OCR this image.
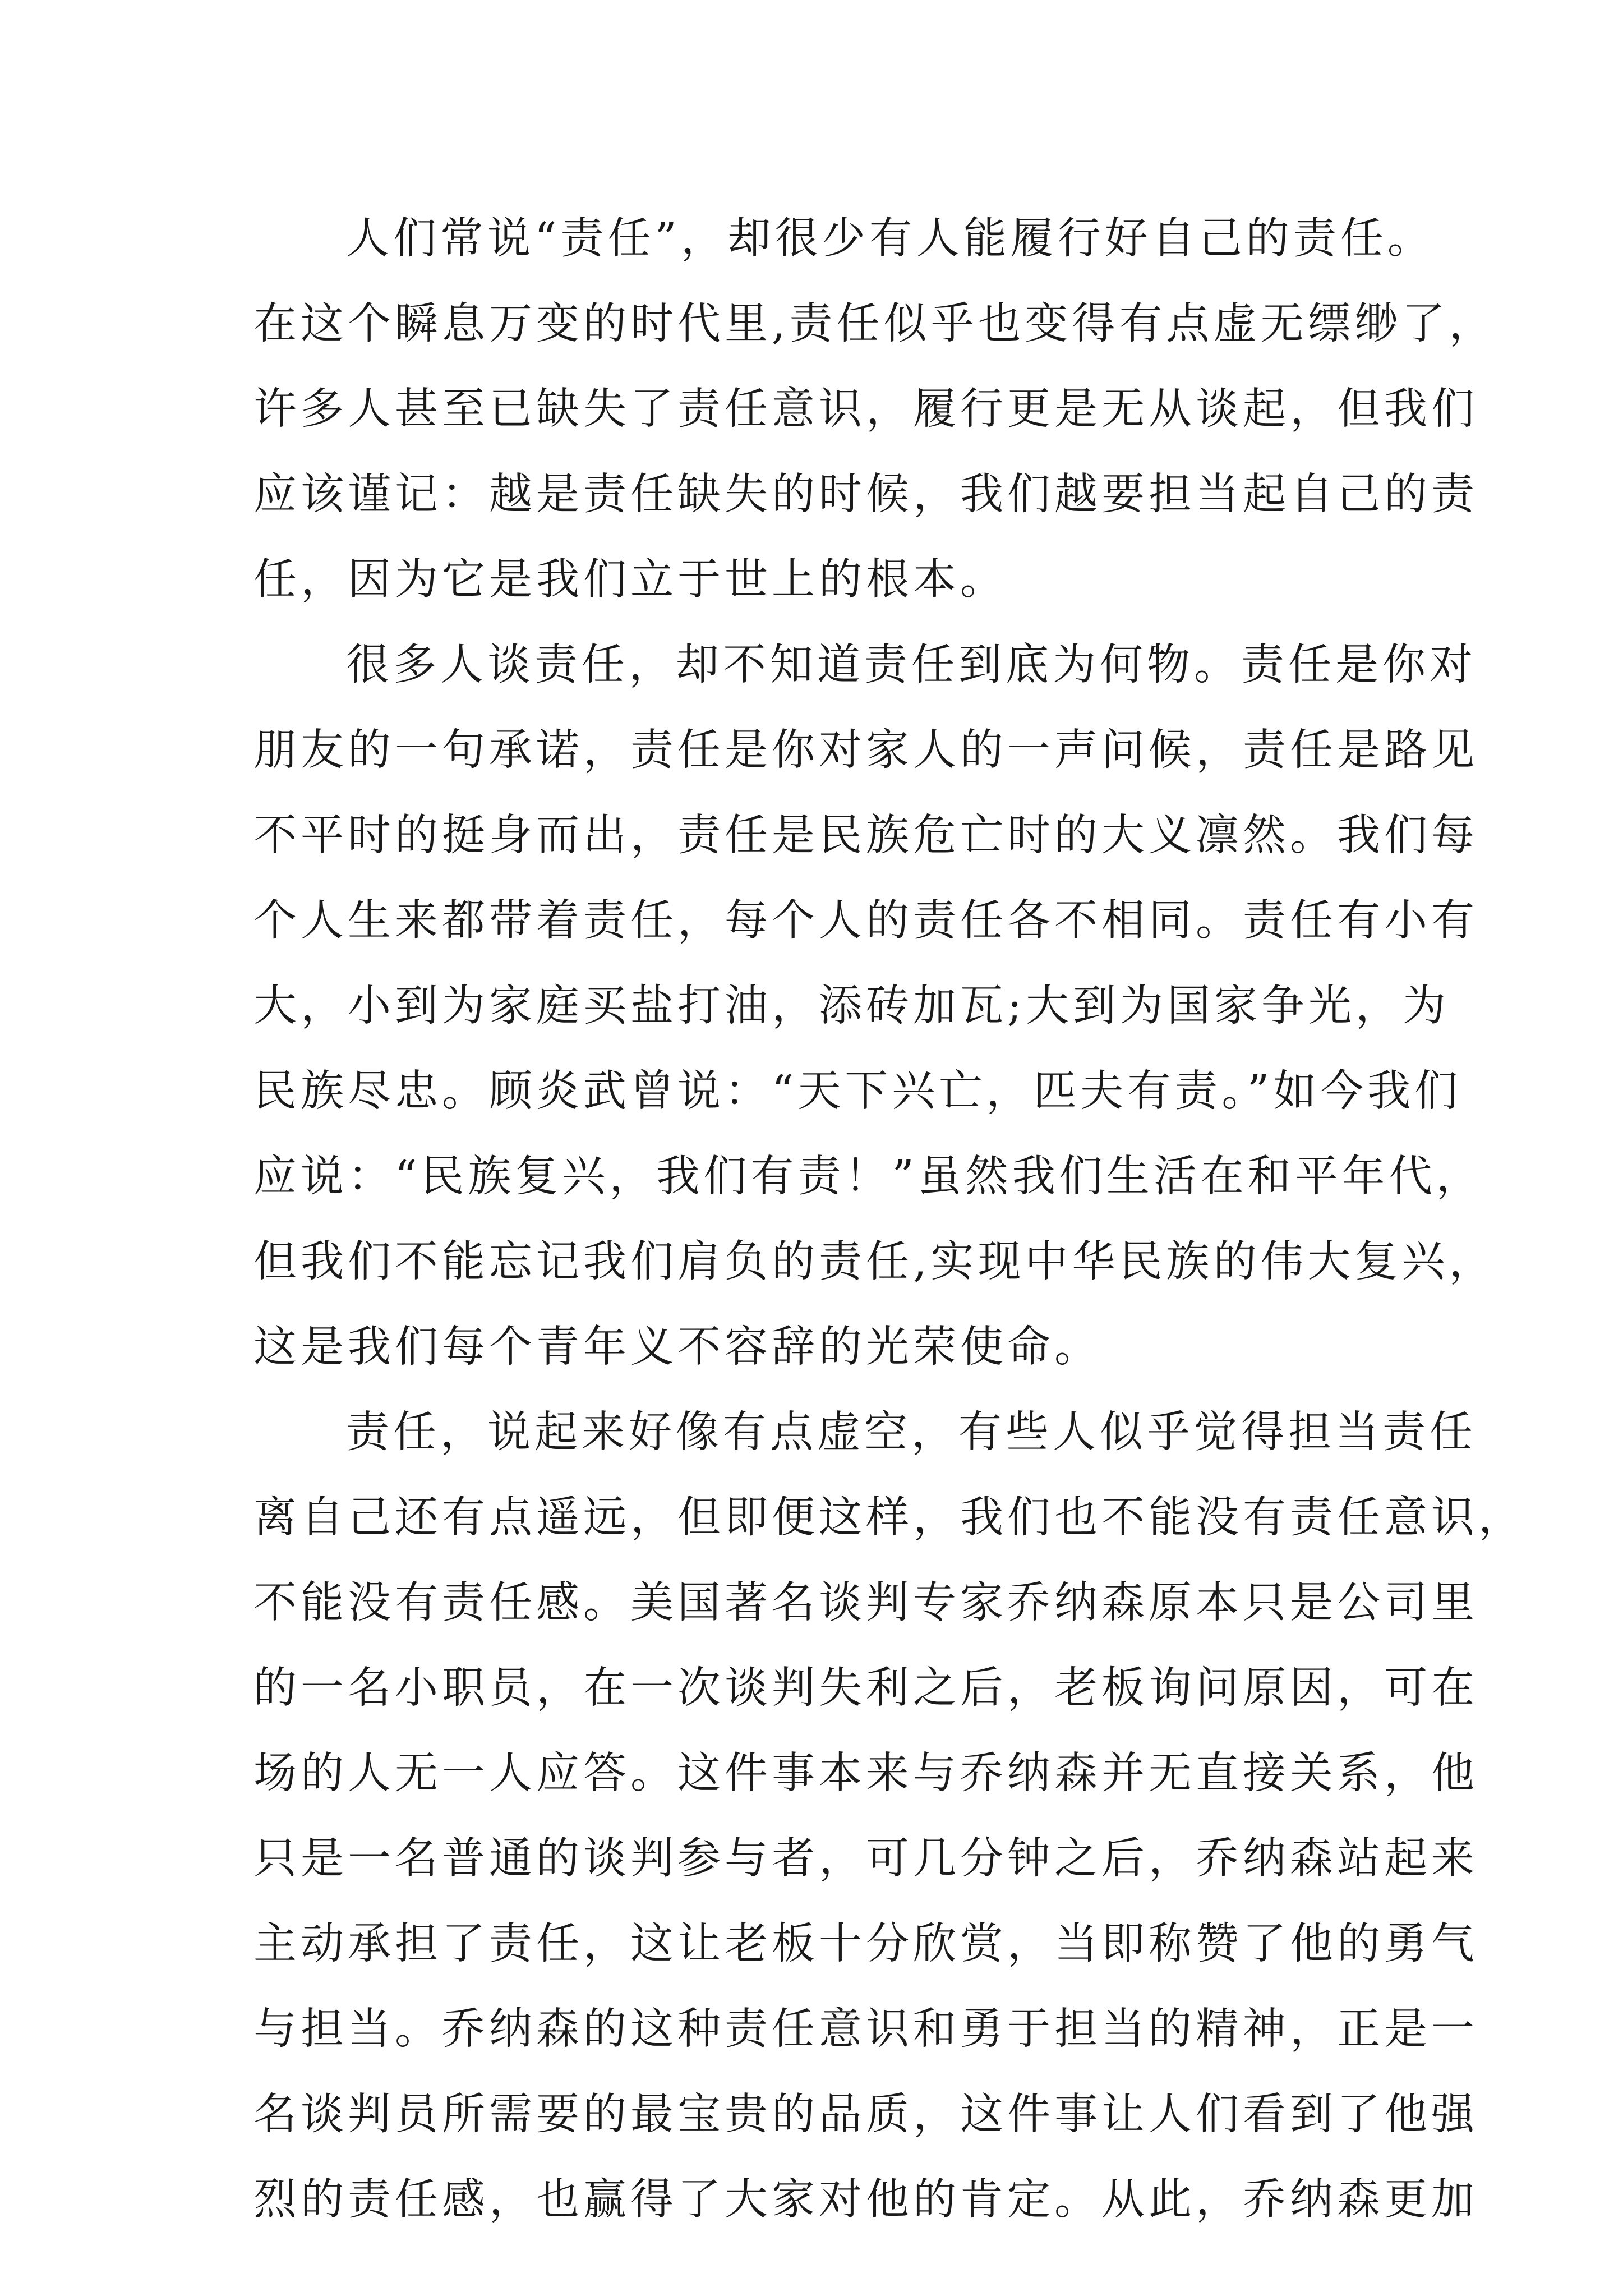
人们常说“责任”，却很少有人能履行好自己的责任。
在这个瞬息万变的时代里,责任似乎也变得有点虚无缥缈了，
许多人甚至已缺失了责任意识，履行更是无从谈起，但我们
应该谨记：越是责任缺失的时候，我们越要担当起自己的责
任，因为它是我们立于世上的根本。
很多人谈责任，却不知道责任到底为何物。责任是你对
朋友的一句承诺，责任是你对家人的一声问候，责任是路见
不平时的挺身而出，责任是民族危亡时的大义凛然。我们每
个人生来都带着责任，每个人的责任各不相同。责任有小有
大，小到为家庭买盐打油，添砖加瓦;大到为国家争光，为
民族尽忠。顾炎武曾说：“天下兴亡，匹夫有责。”如今我们
应说：“民族复兴，我们有责！”虽然我们生活在和平年代，
但我们不能忘记我们肩负的责任,实现中华民族的伟大复兴，
这是我们每个青年义不容辞的光荣使命。
责任，说起来好像有点虚空，有些人似乎觉得担当责任
离自己还有点遥远，但即便这样，我们也不能没有责任意识，
不能没有责任感。美国著名谈判专家乔纳森原本只是公司里
的一名小职员，在一次谈判失利之后，老板询问原因，可在
场的人无一人应答。这件事本来与乔纳森并无直接关系，他
只是一名普通的谈判参与者，可几分钟之后，乔纳森站起来
主动承担了责任，这让老板十分欣赏，当即称赞了他的勇气
与担当。乔纳森的这种责任意识和勇于担当的精神，正是一
名谈判员所需要的最宝贵的品质，这件事让人们看到了他强
烈的责任感，也赢得了大家对他的肯定。从此，乔纳森更加
